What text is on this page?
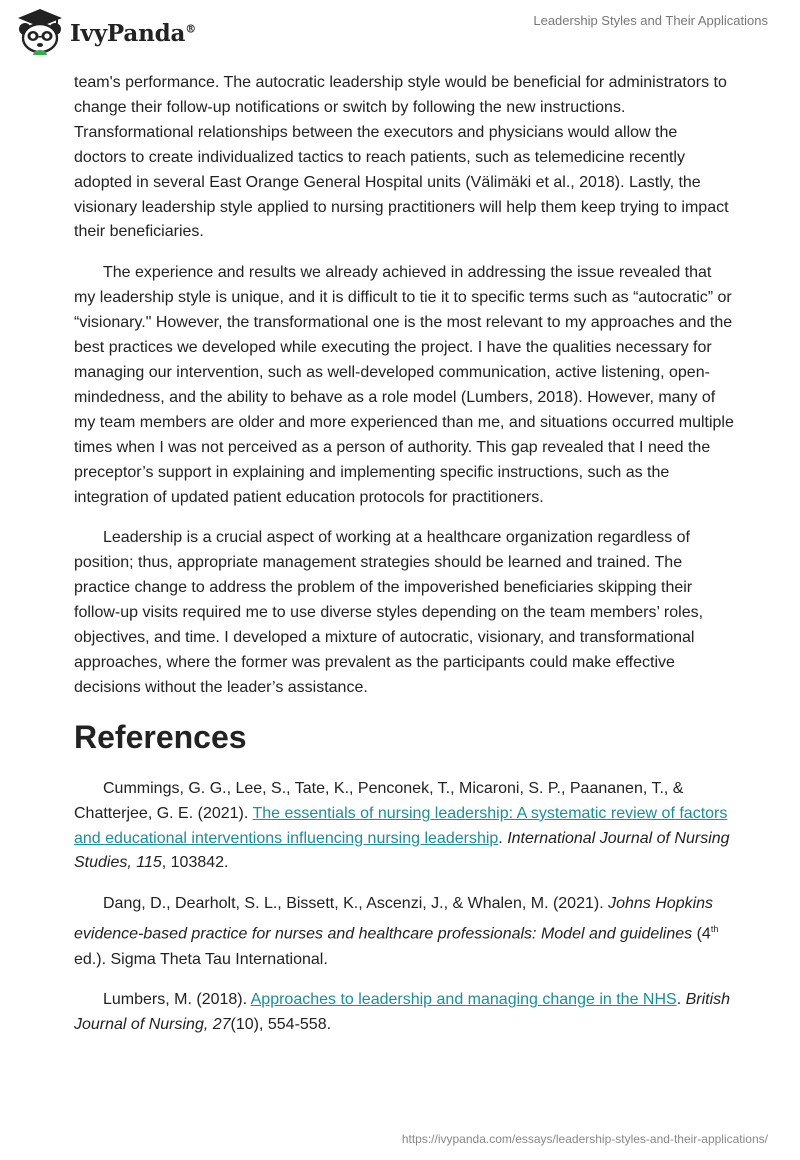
IvyPanda®
Leadership Styles and Their Applications

team's performance. The autocratic leadership style would be beneficial for administrators to change their follow-up notifications or switch by following the new instructions. Transformational relationships between the executors and physicians would allow the doctors to create individualized tactics to reach patients, such as telemedicine recently adopted in several East Orange General Hospital units (Välimäki et al., 2018). Lastly, the visionary leadership style applied to nursing practitioners will help them keep trying to impact their beneficiaries.

The experience and results we already achieved in addressing the issue revealed that my leadership style is unique, and it is difficult to tie it to specific terms such as “autocratic” or “visionary." However, the transformational one is the most relevant to my approaches and the best practices we developed while executing the project. I have the qualities necessary for managing our intervention, such as well-developed communication, active listening, open-mindedness, and the ability to behave as a role model (Lumbers, 2018). However, many of my team members are older and more experienced than me, and situations occurred multiple times when I was not perceived as a person of authority. This gap revealed that I need the preceptor’s support in explaining and implementing specific instructions, such as the integration of updated patient education protocols for practitioners.

Leadership is a crucial aspect of working at a healthcare organization regardless of position; thus, appropriate management strategies should be learned and trained. The practice change to address the problem of the impoverished beneficiaries skipping their follow-up visits required me to use diverse styles depending on the team members’ roles, objectives, and time. I developed a mixture of autocratic, visionary, and transformational approaches, where the former was prevalent as the participants could make effective decisions without the leader’s assistance.

References

Cummings, G. G., Lee, S., Tate, K., Penconek, T., Micaroni, S. P., Paananen, T., & Chatterjee, G. E. (2021). The essentials of nursing leadership: A systematic review of factors and educational interventions influencing nursing leadership. International Journal of Nursing Studies, 115, 103842.

Dang, D., Dearholt, S. L., Bissett, K., Ascenzi, J., & Whalen, M. (2021). Johns Hopkins evidence-based practice for nurses and healthcare professionals: Model and guidelines (4th ed.). Sigma Theta Tau International.

Lumbers, M. (2018). Approaches to leadership and managing change in the NHS. British Journal of Nursing, 27(10), 554-558.

https://ivypanda.com/essays/leadership-styles-and-their-applications/
